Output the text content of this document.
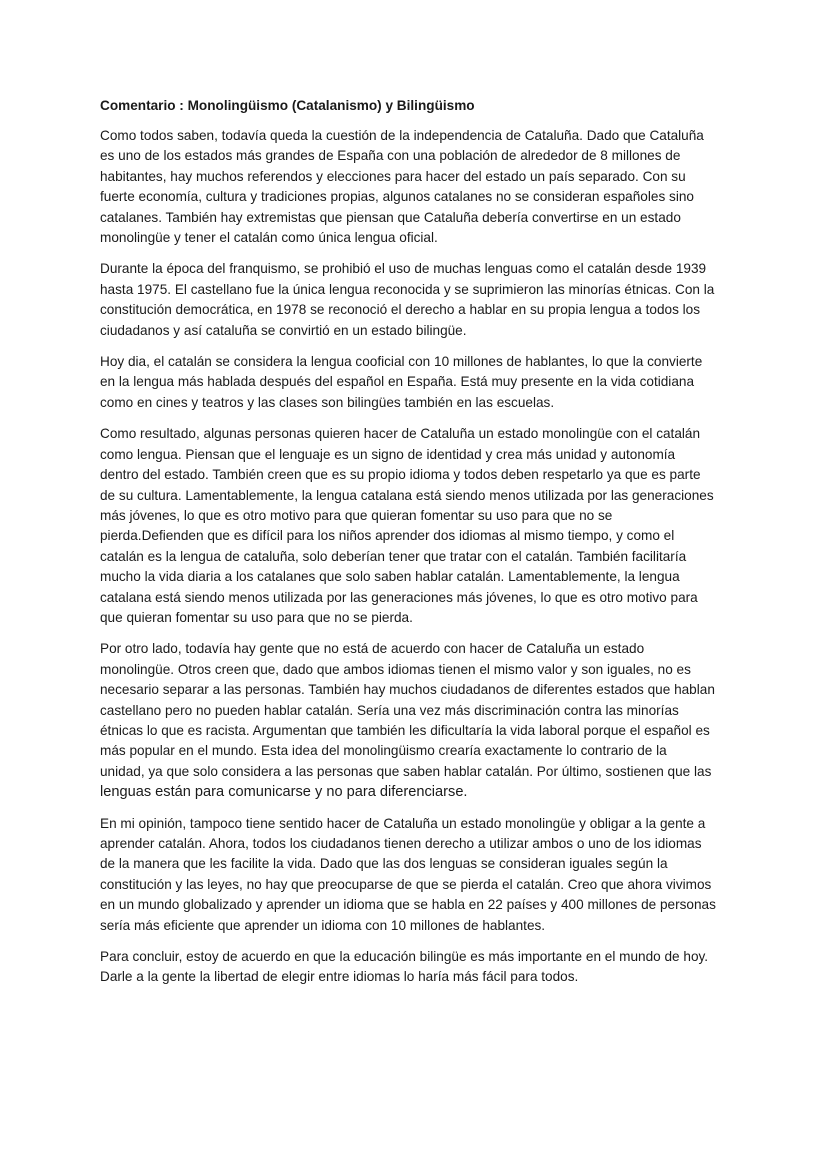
Comentario : Monolingüismo (Catalanismo) y Bilingüismo
Como todos saben, todavía queda la cuestión de la independencia de Cataluña. Dado que Cataluña
es uno de los estados más grandes de España con una población de alrededor de 8 millones de
habitantes, hay muchos referendos y elecciones para hacer del estado un país separado. Con su
fuerte economía, cultura y tradiciones propias, algunos catalanes no se consideran españoles sino
catalanes. También hay extremistas que piensan que Cataluña debería convertirse en un estado
monolingüe y tener el catalán como única lengua oficial.
Durante la época del franquismo, se prohibió el uso de muchas lenguas como el catalán desde 1939
hasta 1975. El castellano fue la única lengua reconocida y se suprimieron las minorías étnicas. Con la
constitución democrática, en 1978 se reconoció el derecho a hablar en su propia lengua a todos los
ciudadanos y así cataluña se convirtió en un estado bilingüe.
Hoy dia, el catalán se considera la lengua cooficial con 10 millones de hablantes, lo que la convierte
en la lengua más hablada después del español en España. Está muy presente en la vida cotidiana
como en cines y teatros y las clases son bilingües también en las escuelas.
Como resultado, algunas personas quieren hacer de Cataluña un estado monolingüe con el catalán
como lengua. Piensan que el lenguaje es un signo de identidad y crea más unidad y autonomía
dentro del estado. También creen que es su propio idioma y todos deben respetarlo ya que es parte
de su cultura. Lamentablemente, la lengua catalana está siendo menos utilizada por las generaciones
más jóvenes, lo que es otro motivo para que quieran fomentar su uso para que no se
pierda.Defienden que es difícil para los niños aprender dos idiomas al mismo tiempo, y como el
catalán es la lengua de cataluña, solo deberían tener que tratar con el catalán. También facilitaría
mucho la vida diaria a los catalanes que solo saben hablar catalán. Lamentablemente, la lengua
catalana está siendo menos utilizada por las generaciones más jóvenes, lo que es otro motivo para
que quieran fomentar su uso para que no se pierda.
Por otro lado, todavía hay gente que no está de acuerdo con hacer de Cataluña un estado
monolingüe. Otros creen que, dado que ambos idiomas tienen el mismo valor y son iguales, no es
necesario separar a las personas. También hay muchos ciudadanos de diferentes estados que hablan
castellano pero no pueden hablar catalán. Sería una vez más discriminación contra las minorías
étnicas lo que es racista. Argumentan que también les dificultaría la vida laboral porque el español es
más popular en el mundo. Esta idea del monolingüismo crearía exactamente lo contrario de la
unidad, ya que solo considera a las personas que saben hablar catalán. Por último, sostienen que las
lenguas están para comunicarse y no para diferenciarse.
En mi opinión, tampoco tiene sentido hacer de Cataluña un estado monolingüe y obligar a la gente a
aprender catalán. Ahora, todos los ciudadanos tienen derecho a utilizar ambos o uno de los idiomas
de la manera que les facilite la vida. Dado que las dos lenguas se consideran iguales según la
constitución y las leyes, no hay que preocuparse de que se pierda el catalán. Creo que ahora vivimos
en un mundo globalizado y aprender un idioma que se habla en 22 países y 400 millones de personas
sería más eficiente que aprender un idioma con 10 millones de hablantes.
Para concluir, estoy de acuerdo en que la educación bilingüe es más importante en el mundo de hoy.
Darle a la gente la libertad de elegir entre idiomas lo haría más fácil para todos.
